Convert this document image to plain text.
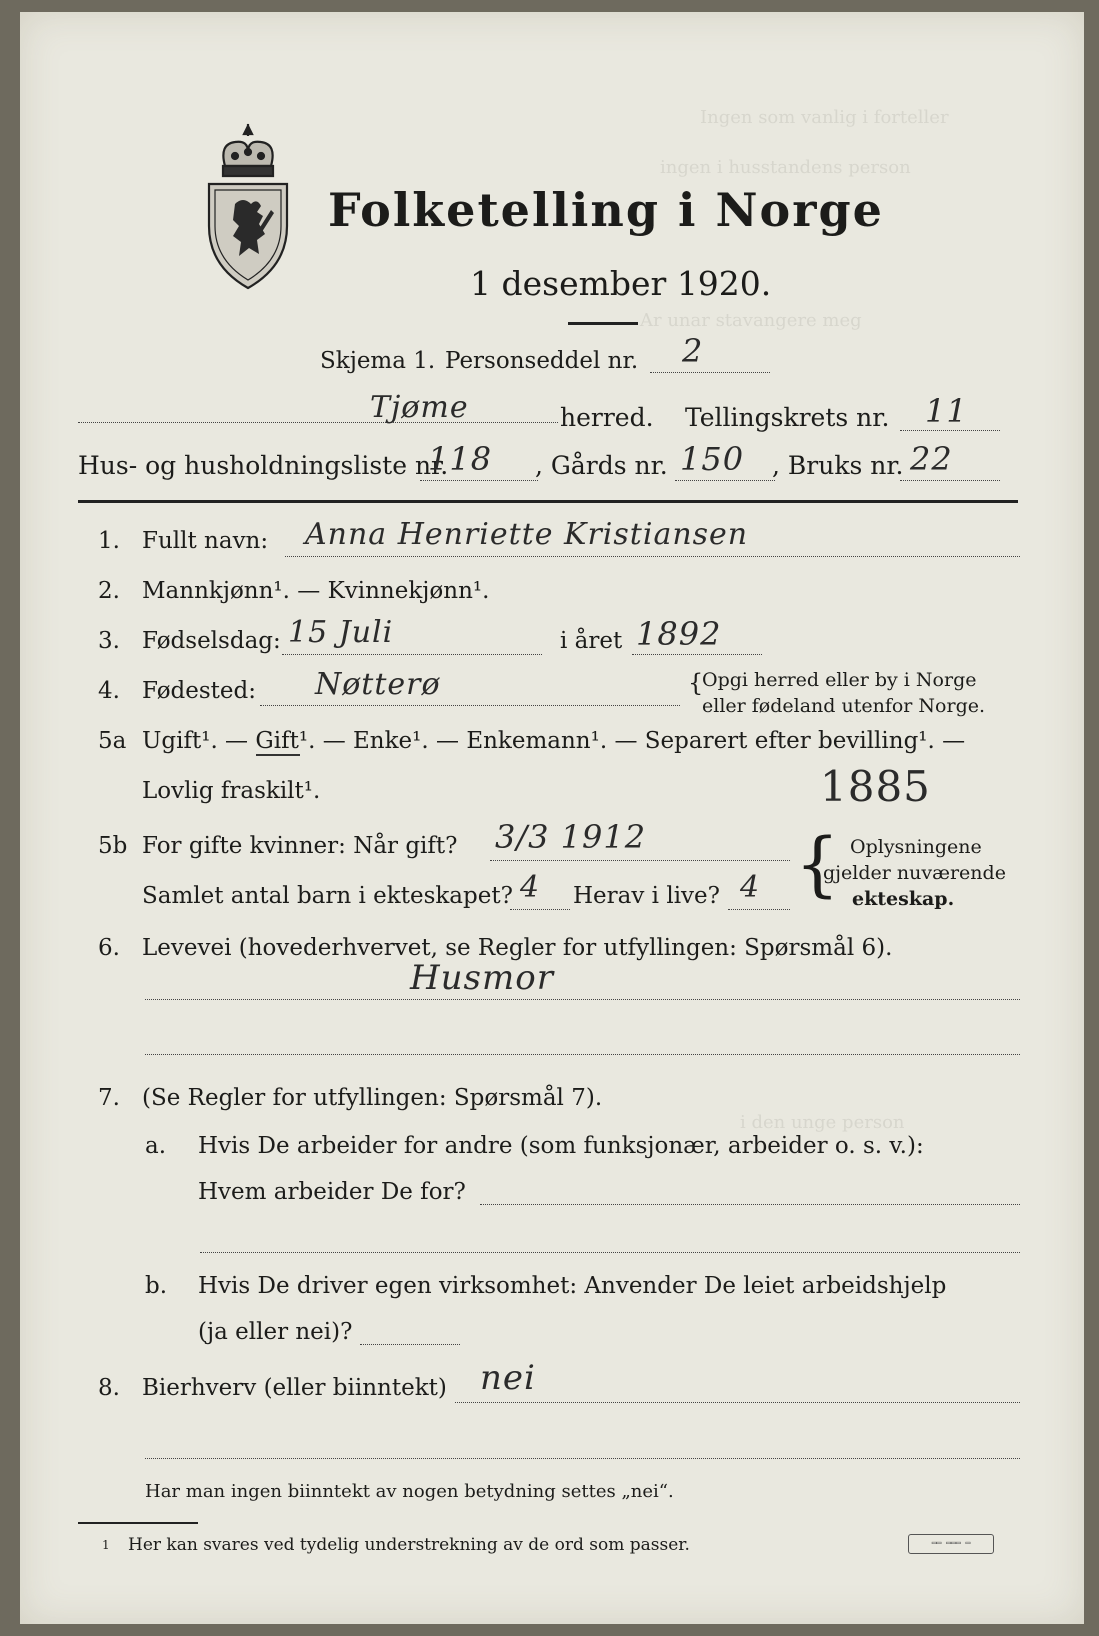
Ingen som vanlig i forteller
ingen i husstandens person
Ar unar stavangere meg
i den unge person
Folketelling i Norge
1 desember 1920.
Skjema 1. Personseddel nr. 2
Tjøme	herred. Tellingskrets nr. 11
Hus- og husholdningsliste nr.
118 , Gårds nr. 150 , Bruks nr. 22
1. Fullt navn: Anna Henriette Kristiansen
2. Mannkjønn¹. — Kvinnekjønn¹.
3. Fødselsdag: 15 Juli	i året 1892
4. Fødested: Nøtterø	{
Opgi herred eller by i Norge
eller fødeland utenfor Norge.
5a Ugift¹. — Gift¹. — Enke¹. — Enkemann¹. — Separert efter bevilling¹. —
Lovlig fraskilt¹.	1885
5b For gifte kvinner: Når gift? 3/3 1912
Samlet antal barn i ekteskapet? 4 Herav i live? 4 { Oplysningene
gjelder nuværende
ekteskap.
6. Levevei (hovederhvervet, se Regler for utfyllingen: Spørsmål 6).
Husmor
7. (Se Regler for utfyllingen: Spørsmål 7).
a. Hvis De arbeider for andre (som funksjonær, arbeider o. s. v.):
Hvem arbeider De for?
b. Hvis De driver egen virksomhet: Anvender De leiet arbeidshjelp
(ja eller nei)?
8. Bierhverv (eller biinntekt) nei
Har man ingen biinntekt av nogen betydning settes „nei“.
1 Her kan svares ved tydelig understrekning av de ord som passer.	▭▭ ▭▭▭ ▭
